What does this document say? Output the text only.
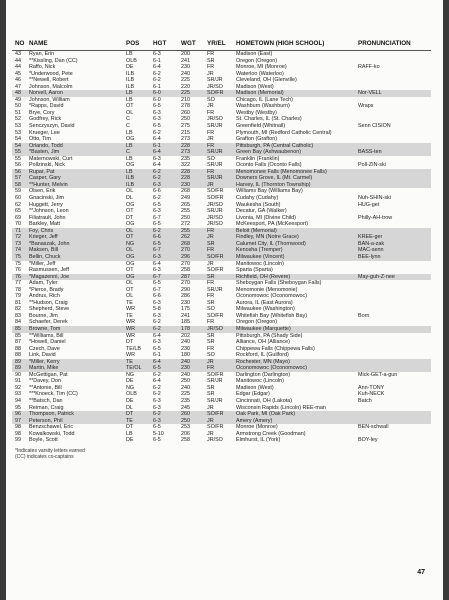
NO NAME	POS HGT WGT YR/EL HOMETOWN (HIGH SCHOOL)	PRONUNCIATION
43 Ryan, Erin	LB	6-3	200	FR	Madison (East)
44 **Kissling, Dan (CC)	OLB	6-1	241	SR	Oregon (Oregon)
44 Raffo, Nick	DE	6-4	230	FR	Monroe, MI (Monroe)	RAFF-ko
45 *Underwood, Pete	ILB	6-2	240	JR	Waterloo (Waterloo)
46 **Newell, Robert	ILB	6-2	225	SR/JR Cleveland, OH (Glenville)
47 Johnson, Malcolm	ILB	6-1	220	JR/SO Madison (West)
48 Norvell, Aaron	LB	6-0	225	SO/FR Madison (Memorial)	Nor-VELL
49 Johnson, William	LB	6-0	210	SO	Chicago, IL (Lane Tech)
50 *Rapps, David	OT	6-5	278	JR	Washburn (Washburn)	Wraps
51 Brye, Cory	OL	6-3	260	FR	Westby (Westby)
52 Godfrey, Rick	C	6-3	250	JR/SO St. Charles, IL (St. Charles)
53 Senczyszyn, David	C	6-5	275	SR/JR Greenfield (Whitnall)	Senn CISION
53 Krueger, Lee	LB	6-2	215	FR	Plymouth, MI (Redford Catholic Central)
54 Otto, Tim	OG	6-4	273	JR	Grafton (Grafton)
54 Orlando, Todd	LB	6-1	228	FR	Pittsburgh, PA (Central Catholic)
55 *Basten, Jim	C	6-4	273	SR/JR Green Bay (Ashwaubenon)	BASS-ten
55 Maternowski, Curt	LB	6-3	235	SO	Franklin (Franklin)
56 Pollzinski, Nick	OG	6-4	322	SR/JR Oconto Falls (Oconto Falls)	Poll-ZIN-ski
56 Rupar, Pat	LB	6-2	228	FR	Menomonee Falls (Menomonee Falls)
57 Casper, Gary	ILB	6-2	228	SR/JR Downers Grove, IL (Mt. Carmel)
58 **Hunter, Melvin	ILB	6-3	230	JR	Harvey, IL (Thornton Township)
59 Olsen, Erik	OL	6-6	268	SO/FR Williams Bay (Williams Bay)
60 Gnacinski, Jim	DL	6-2	249	SO/FR Cudahy (Cudahy)	Nuh-SHIN-ski
62 Huggett, Jerry	OG	6-5	265	JR/SO Waukesha (South)	HUG-get
65 **Johnson, Leon	OT	6-3	255	SR/JR Decatur, GA (Walker)
69 Filiatrault, John	DT	6-7	250	JR/SO Livonia, MI (Divine Child)	Philly-AH-trow
70 Barkley, Matt	OG	6-5	272	JR/SO McKeesport, PA (McKeesport)
71 Foy, Chris	OL	6-2	255	FR	Beloit (Memorial)
72 Krieger, Jeff	OT	6-6	262	JR	Findley, MN (Notre Grace)	KREE-ger
73 *Banaszak, John	NG	6-5	268	SR	Calumet City, IL (Thornwood)	BAN-a-zak
74 Maksen, Bill	OL	6-7	270	FR	Kenosha (Tremper)	MAC-senn
75 Bellin, Chuck	OG	6-3	296	SO/FR Milwaukee (Vincent)	BEE-lynn
75 *Miller, Jeff	OG	6-4	270	JR	Manitowoc (Lincoln)
76 Rasmussen, Jeff	OT	6-3	258	SO/FR Sparta (Sparta)
76 *Magazenni, Joe	OG	6-7	287	SR	Richfield, OH (Revere)	May-guh-Z-nee
77 Adam, Tyler	OL	6-5	270	FR	Sheboygan Falls (Sheboygan Falls)
78 *Pierce, Brady	OT	6-7	290	SR/JR Menomonie (Menomonie)
79 Andrus, Rich	OL	6-6	286	FR	Oconomowoc (Oconomowoc)
81 **Hudson, Craig	TE	6-3	230	SR	Aurora, IL (East Aurora)
82 Shepherd, Steve	WR	5-8	175	SO	Milwaukee (Washington)
83 Bourne, Jim	TE	6-3	241	SO/FR Whitefish Bay (Whitefish Bay)	Born
84 Schaefer, Derek	WR	6-2	185	FR	Oregon (Oregon)
85 Browne, Tom	WR	6-2	178	JR/SO Milwaukee (Marquette)
85 **Williams, Bill	WR	6-4	202	SR	Pittsburgh, PA (Shady Side)
87 *Howell, Daniel	DT	6-3	240	SR	Alliance, OH (Alliance)
88 Czech, Dave	TE/LB 6-5	230	FR	Chippewa Falls (Chippewa Falls)
88 Link, David	WR	6-1	180	SO	Rockford, IL (Guilford)
89 *Miller, Kerry	TE	6-4	240	JR	Rochester, MN (Mayo)
89 Martin, Mike	TE/OL 6-5	230	FR	Oconomowoc (Oconomowoc)
90 McGettigan, Pat	NG	6-2	240	SO/FR Darlington (Darlington)	Mick-GET-a-gun
91 **Davey, Don	DE	6-4	250	SR/JR Manitowoc (Lincoln)
92 **Antonie, Bill	NG	6-2	240	SR	Madison (West)	Ann-TONY
93 ***Knoeck, Tim (CC)	OLB	6-2	225	SR	Edgar (Edgar)	Kuh-NECK
94 **Batsch, Dan	DE	6-3	235	SR/JR Cincinnati, OH (Lakota)	Batch
95 Reiman, Craig	DL	6-3	245	JR	Wisconsin Rapids (Lincoln) REE-man
96 Thompson, Patrick	DT	6-2	260	SO/FR Oak Park, MI (Oak Park)
97 Peterson, Phil	TE	6-3	250	JR	Amery (Amery)
98 Benzschawel, Eric	DT	6-5	253	SO/FR Monroe (Monroe)	BEN-schwall
98 Kowalkowski, Todd	LB	5-10	206	JR	Armstrong Creek (Goodman)
99 Boyle, Scott	DE	6-5	258	JR/SO Elmhurst, IL (York)	BOY-ley
*Indicates varsity letters earned
(CC) indicates co-captains
47
